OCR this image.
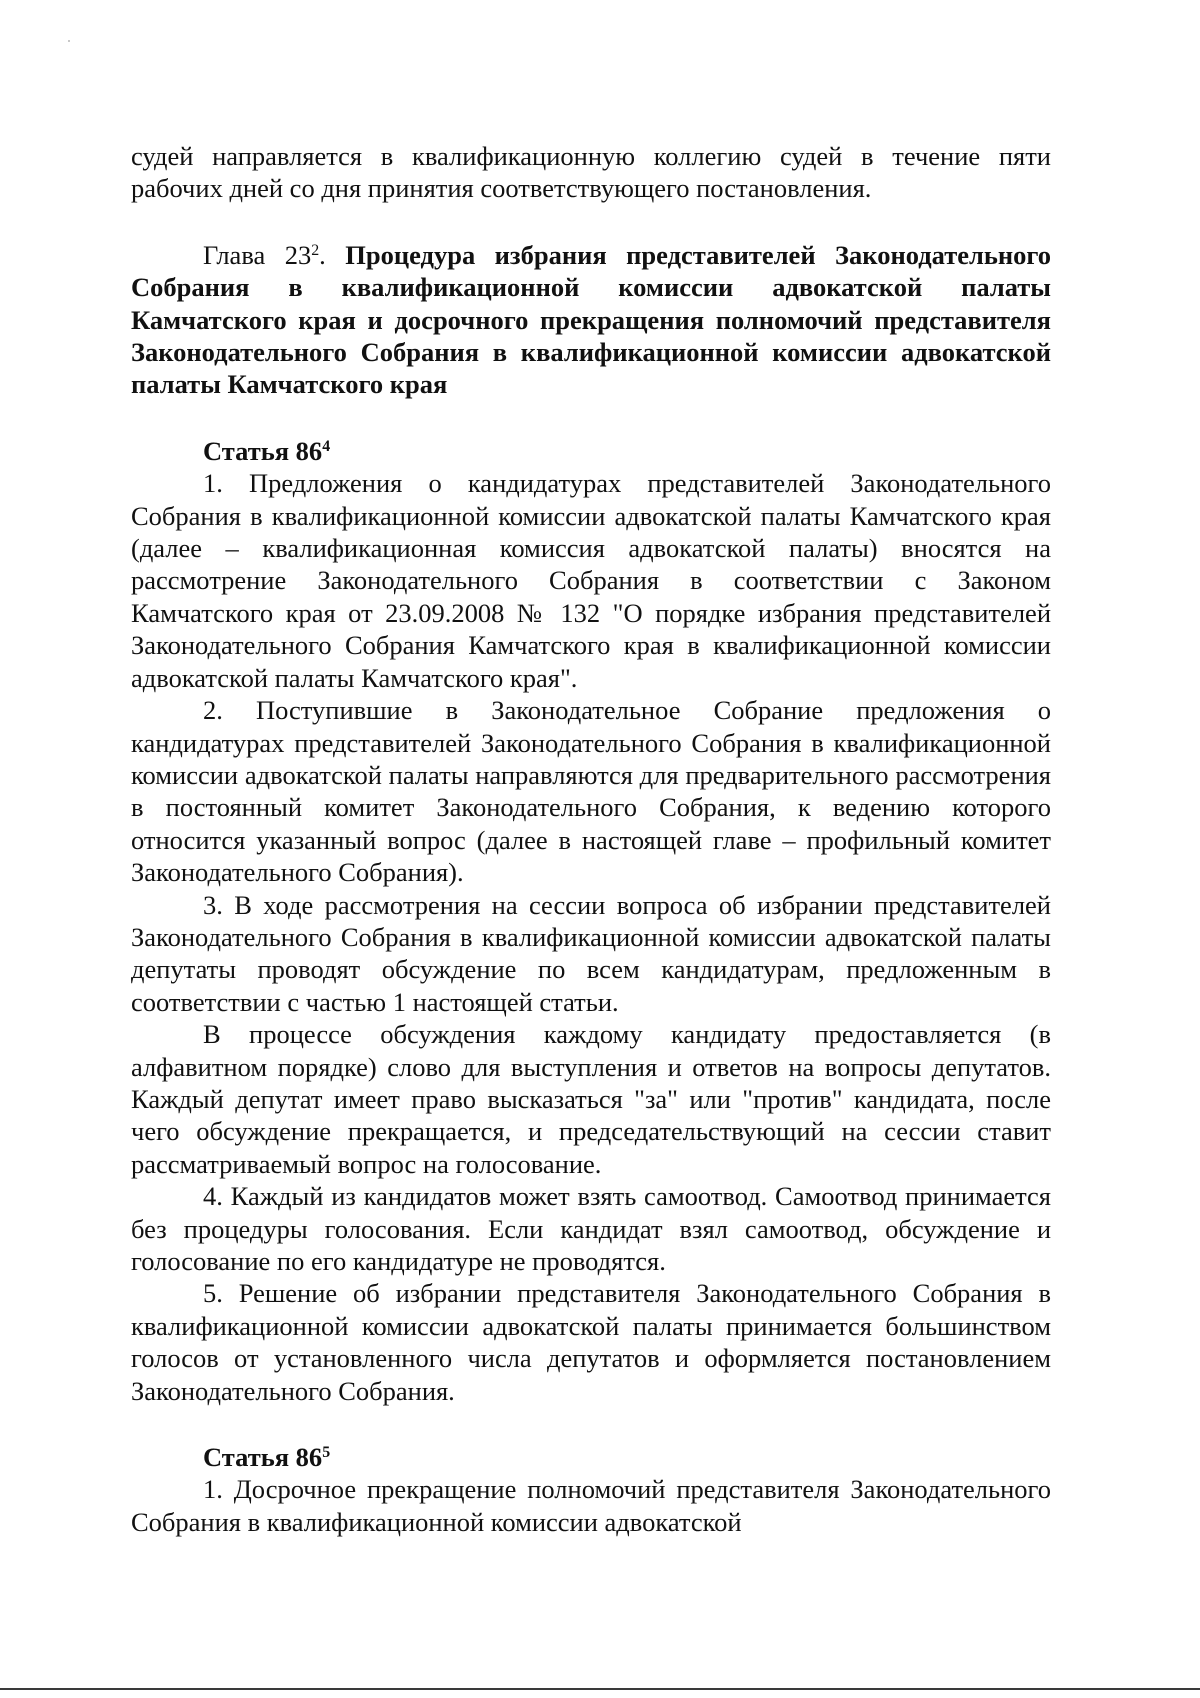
судей направляется в квалификационную коллегию судей в течение пяти рабочих дней со дня принятия соответствующего постановления.

Глава $23^2$. Процедура избрания представителей Законодательного Собрания в квалификационной комиссии адвокатской палаты Камчатского края и досрочного прекращения полномочий представителя Законодательного Собрания в квалификационной комиссии адвокатской палаты Камчатского края

Статья $86^4$

1. Предложения о кандидатурах представителей Законодательного Собрания в квалификационной комиссии адвокатской палаты Камчатского края (далее – квалификационная комиссия адвокатской палаты) вносятся на рассмотрение Законодательного Собрания в соответствии с Законом Камчатского края от 23.09.2008 № 132 "О порядке избрания представителей Законодательного Собрания Камчатского края в квалификационной комиссии адвокатской палаты Камчатского края".

2. Поступившие в Законодательное Собрание предложения о кандидатурах представителей Законодательного Собрания в квалификационной комиссии адвокатской палаты направляются для предварительного рассмотрения в постоянный комитет Законодательного Собрания, к ведению которого относится указанный вопрос (далее в настоящей главе – профильный комитет Законодательного Собрания).

3. В ходе рассмотрения на сессии вопроса об избрании представителей Законодательного Собрания в квалификационной комиссии адвокатской палаты депутаты проводят обсуждение по всем кандидатурам, предложенным в соответствии с частью 1 настоящей статьи.

В процессе обсуждения каждому кандидату предоставляется (в алфавитном порядке) слово для выступления и ответов на вопросы депутатов. Каждый депутат имеет право высказаться "за" или "против" кандидата, после чего обсуждение прекращается, и председательствующий на сессии ставит рассматриваемый вопрос на голосование.

4. Каждый из кандидатов может взять самоотвод. Самоотвод принимается без процедуры голосования. Если кандидат взял самоотвод, обсуждение и голосование по его кандидатуре не проводятся.

5. Решение об избрании представителя Законодательного Собрания в квалификационной комиссии адвокатской палаты принимается большинством голосов от установленного числа депутатов и оформляется постановлением Законодательного Собрания.

Статья $86^5$

1. Досрочное прекращение полномочий представителя Законодательного Собрания в квалификационной комиссии адвокатской
